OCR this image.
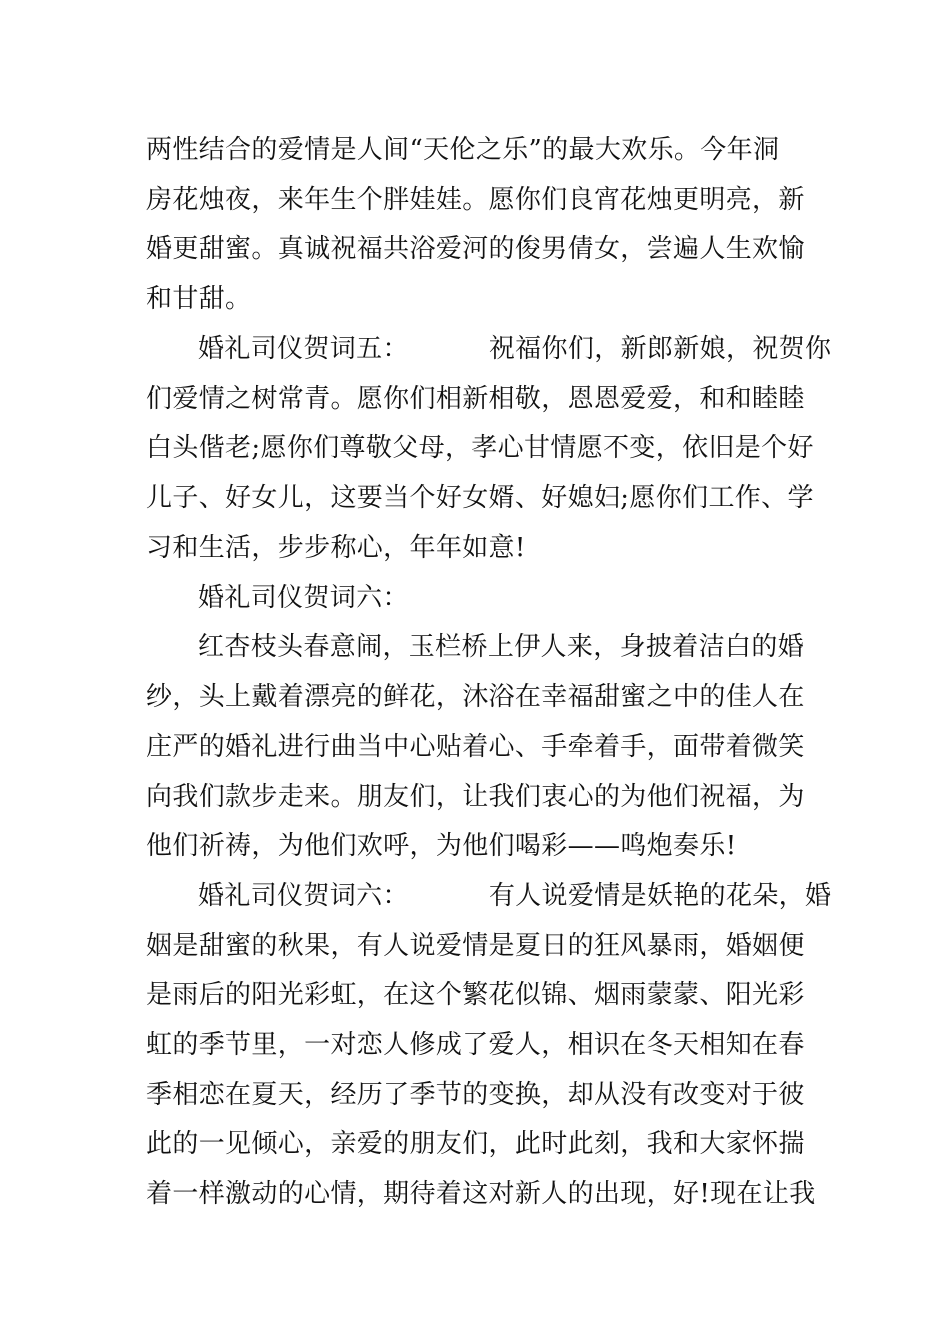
两性结合的爱情是人间“天伦之乐”的最大欢乐。今年洞
房花烛夜，来年生个胖娃娃。愿你们良宵花烛更明亮，新
婚更甜蜜。真诚祝福共浴爱河的俊男倩女，尝遍人生欢愉
和甘甜。
婚礼司仪贺词五：	祝福你们，新郎新娘，祝贺你
们爱情之树常青。愿你们相新相敬，恩恩爱爱，和和睦睦
白头偕老;愿你们尊敬父母，孝心甘情愿不变，依旧是个好
儿子、好女儿，这要当个好女婿、好媳妇;愿你们工作、学
习和生活，步步称心，年年如意!
婚礼司仪贺词六：
红杏枝头春意闹，玉栏桥上伊人来，身披着洁白的婚
纱，头上戴着漂亮的鲜花，沐浴在幸福甜蜜之中的佳人在
庄严的婚礼进行曲当中心贴着心、手牵着手，面带着微笑
向我们款步走来。朋友们，让我们衷心的为他们祝福，为
他们祈祷，为他们欢呼，为他们喝彩——鸣炮奏乐!
婚礼司仪贺词六：	有人说爱情是妖艳的花朵，婚
姻是甜蜜的秋果，有人说爱情是夏日的狂风暴雨，婚姻便
是雨后的阳光彩虹，在这个繁花似锦、烟雨蒙蒙、阳光彩
虹的季节里，一对恋人修成了爱人，相识在冬天相知在春
季相恋在夏天，经历了季节的变换，却从没有改变对于彼
此的一见倾心，亲爱的朋友们，此时此刻，我和大家怀揣
着一样激动的心情，期待着这对新人的出现，好!现在让我
